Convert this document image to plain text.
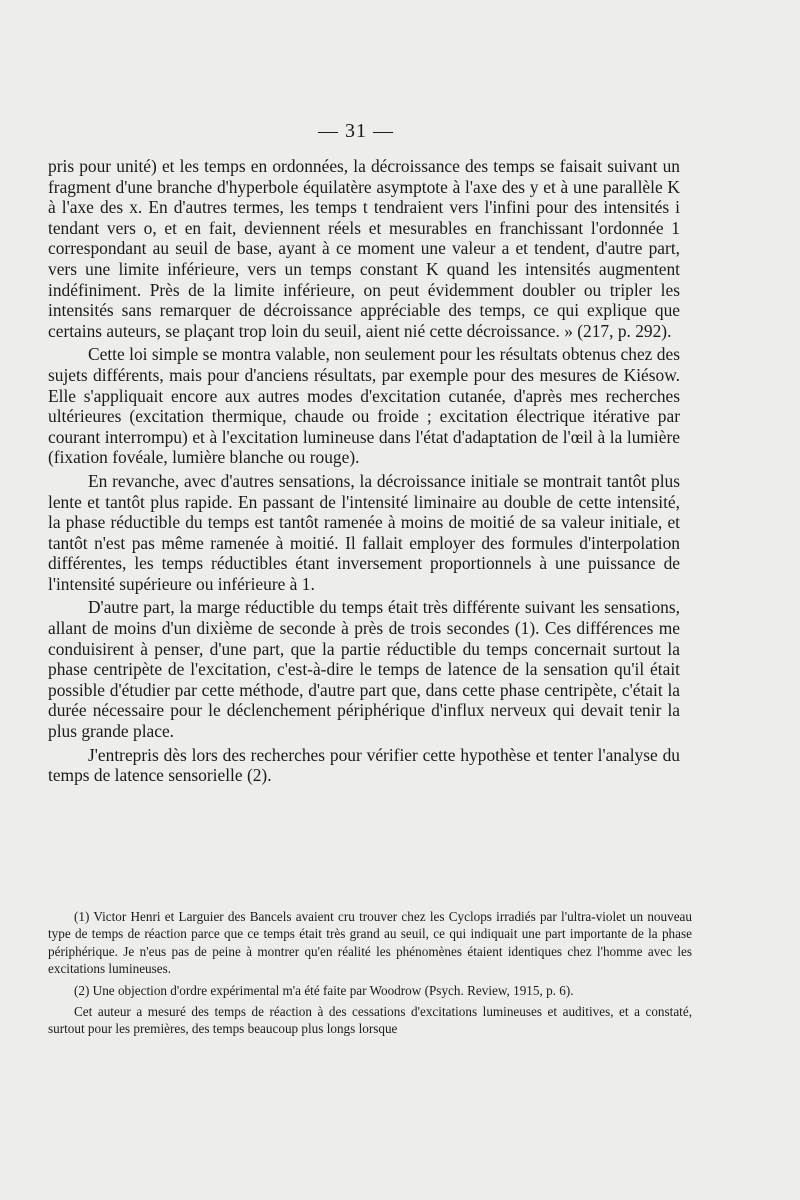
— 31 —

pris pour unité) et les temps en ordonnées, la décroissance des temps se faisait suivant un fragment d'une branche d'hyperbole équilatère asymptote à l'axe des y et à une parallèle K à l'axe des x. En d'autres termes, les temps t tendraient vers l'infini pour des intensités i tendant vers o, et en fait, deviennent réels et mesurables en franchissant l'ordonnée 1 correspondant au seuil de base, ayant à ce moment une valeur a et tendent, d'autre part, vers une limite inférieure, vers un temps constant K quand les intensités augmentent indéfiniment. Près de la limite inférieure, on peut évidemment doubler ou tripler les intensités sans remarquer de décroissance appréciable des temps, ce qui explique que certains auteurs, se plaçant trop loin du seuil, aient nié cette décroissance. » (217, p. 292).

Cette loi simple se montra valable, non seulement pour les résultats obtenus chez des sujets différents, mais pour d'anciens résultats, par exemple pour des mesures de Kiésow. Elle s'appliquait encore aux autres modes d'excitation cutanée, d'après mes recherches ultérieures (excitation thermique, chaude ou froide ; excitation électrique itérative par courant interrompu) et à l'excitation lumineuse dans l'état d'adaptation de l'œil à la lumière (fixation fovéale, lumière blanche ou rouge).

En revanche, avec d'autres sensations, la décroissance initiale se montrait tantôt plus lente et tantôt plus rapide. En passant de l'intensité liminaire au double de cette intensité, la phase réductible du temps est tantôt ramenée à moins de moitié de sa valeur initiale, et tantôt n'est pas même ramenée à moitié. Il fallait employer des formules d'interpolation différentes, les temps réductibles étant inversement proportionnels à une puissance de l'intensité supérieure ou inférieure à 1.

D'autre part, la marge réductible du temps était très différente suivant les sensations, allant de moins d'un dixième de seconde à près de trois secondes (1). Ces différences me conduisirent à penser, d'une part, que la partie réductible du temps concernait surtout la phase centripète de l'excitation, c'est-à-dire le temps de latence de la sensation qu'il était possible d'étudier par cette méthode, d'autre part que, dans cette phase centripète, c'était la durée nécessaire pour le déclenchement périphérique d'influx nerveux qui devait tenir la plus grande place.

J'entrepris dès lors des recherches pour vérifier cette hypothèse et tenter l'analyse du temps de latence sensorielle (2).

(1) Victor Henri et Larguier des Bancels avaient cru trouver chez les Cyclops irradiés par l'ultra-violet un nouveau type de temps de réaction parce que ce temps était très grand au seuil, ce qui indiquait une part importante de la phase périphérique. Je n'eus pas de peine à montrer qu'en réalité les phénomènes étaient identiques chez l'homme avec les excitations lumineuses.

(2) Une objection d'ordre expérimental m'a été faite par Woodrow (Psych. Review, 1915, p. 6).

Cet auteur a mesuré des temps de réaction à des cessations d'excitations lumineuses et auditives, et a constaté, surtout pour les premières, des temps beaucoup plus longs lorsque
